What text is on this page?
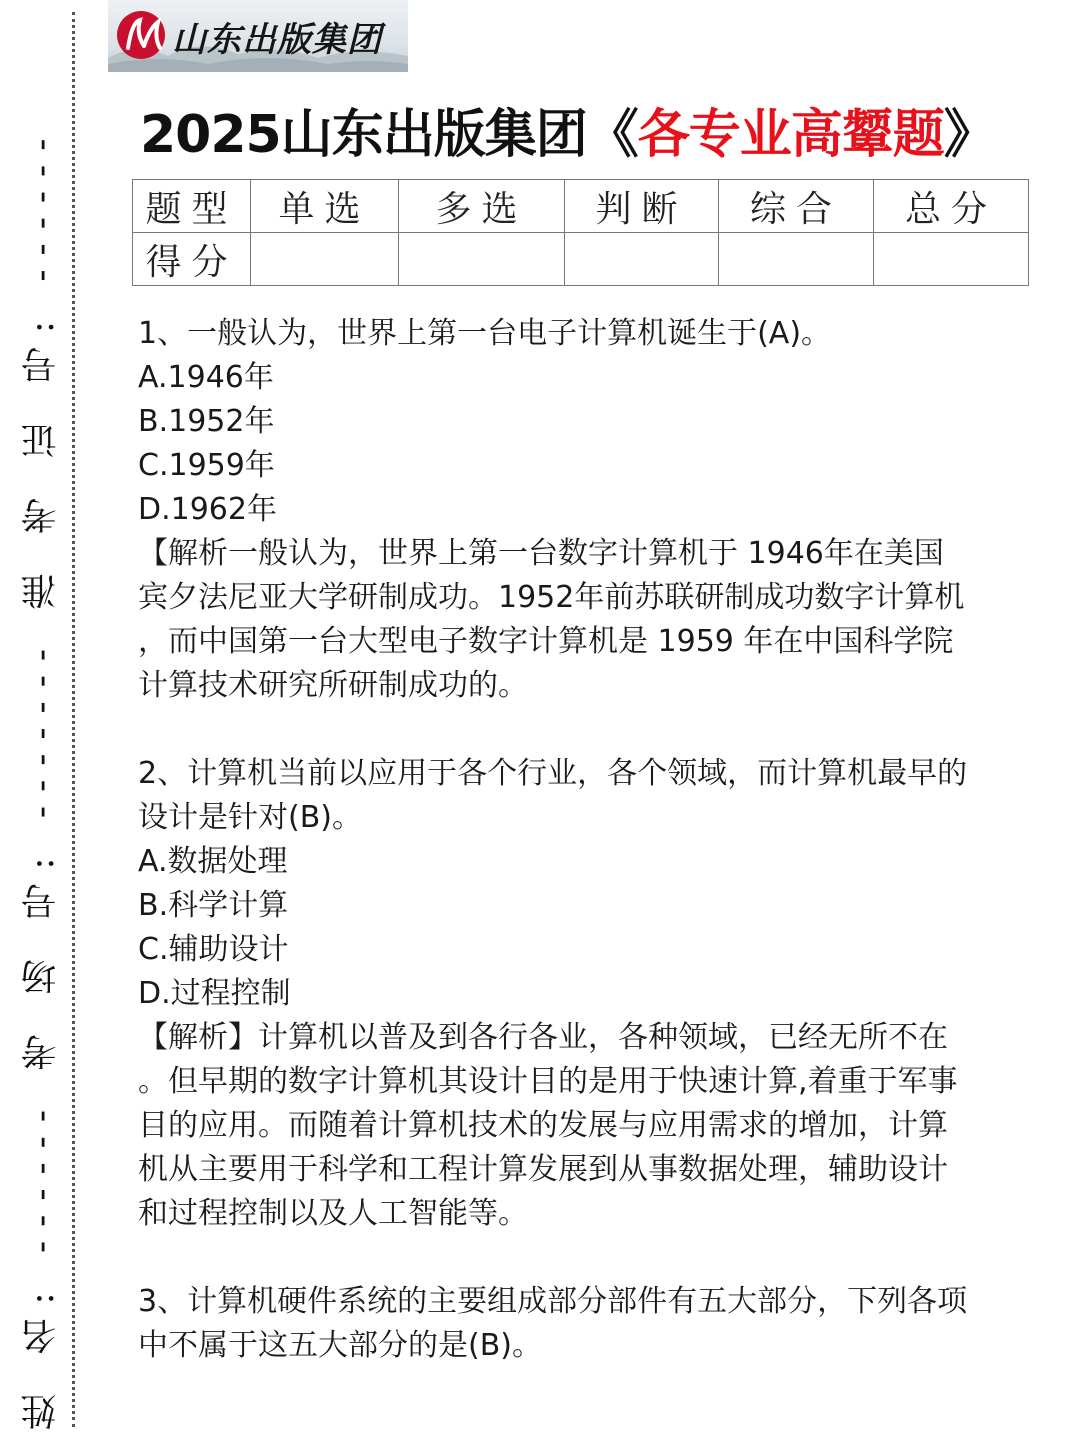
姓 名: ------ 考 场 号: ------- 准 考 证 号: ------
山东出版集团
2025山东出版集团《各专业高颦题》
题型	单选	多选	判断	综合	总分
得分					
1、一般认为，世界上第一台电子计算机诞生于(A)。
A.1946年
B.1952年
C.1959年
D.1962年
【解析一般认为，世界上第一台数字计算机于 1946年在美国
宾夕法尼亚大学研制成功。1952年前苏联研制成功数字计算机
，而中国第一台大型电子数字计算机是 1959 年在中国科学院
计算技术研究所研制成功的。
2、计算机当前以应用于各个行业，各个领域，而计算机最早的
设计是针对(B)。
A.数据处理
B.科学计算
C.辅助设计
D.过程控制
【解析】计算机以普及到各行各业，各种领域，已经无所不在
。但早期的数字计算机其设计目的是用于快速计算,着重于军事
目的应用。而随着计算机技术的发展与应用需求的增加，计算
机从主要用于科学和工程计算发展到从事数据处理，辅助设计
和过程控制以及人工智能等。
3、计算机硬件系统的主要组成部分部件有五大部分，下列各项
中不属于这五大部分的是(B)。
